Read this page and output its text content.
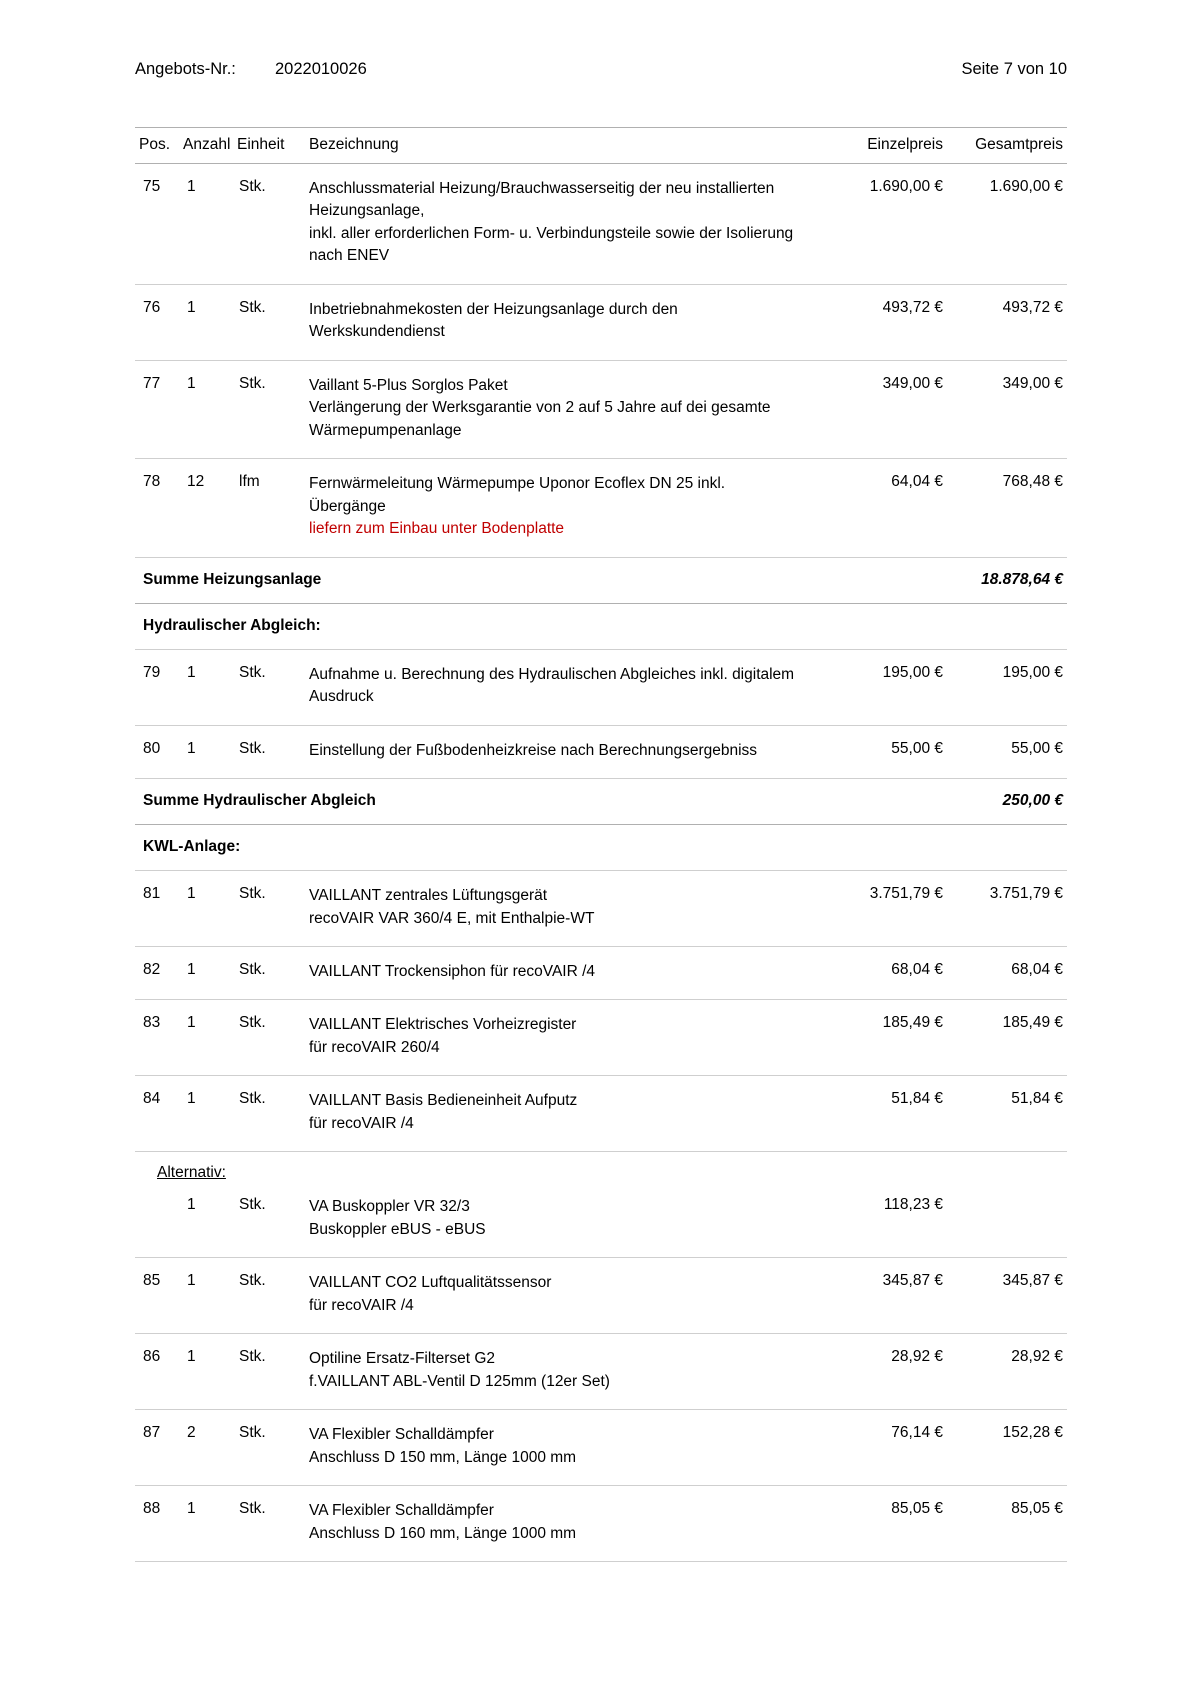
Angebots-Nr.:	2022010026	Seite 7 von 10
Pos.	Anzahl	Einheit	Bezeichnung	Einzelpreis	Gesamtpreis
75	1	Stk.	Anschlussmaterial Heizung/Brauchwasserseitig der neu installierten
Heizungsanlage,
inkl. aller erforderlichen Form- u. Verbindungsteile sowie der Isolierung
nach ENEV	1.690,00 €	1.690,00 €
76	1	Stk.	Inbetriebnahmekosten der Heizungsanlage durch den
Werkskundendienst	493,72 €	493,72 €
77	1	Stk.	Vaillant 5-Plus Sorglos Paket
Verlängerung der Werksgarantie von 2 auf 5 Jahre auf dei gesamte
Wärmepumpenanlage	349,00 €	349,00 €
78	12	lfm	Fernwärmeleitung Wärmepumpe Uponor Ecoflex DN 25 inkl.
Übergänge
liefern zum Einbau unter Bodenplatte	64,04 €	768,48 €
Summe Heizungsanlage				18.878,64 €	
Hydraulischer Abgleich:					
79	1	Stk.	Aufnahme u. Berechnung des Hydraulischen Abgleiches inkl. digitalem
Ausdruck	195,00 €	195,00 €
80	1	Stk.	Einstellung der Fußbodenheizkreise nach Berechnungsergebniss	55,00 €	55,00 €
Summe Hydraulischer Abgleich				250,00 €	
KWL-Anlage:					
81	1	Stk.	VAILLANT zentrales Lüftungsgerät
recoVAIR VAR 360/4 E, mit Enthalpie-WT	3.751,79 €	3.751,79 €
82	1	Stk.	VAILLANT Trockensiphon für recoVAIR /4	68,04 €	68,04 €
83	1	Stk.	VAILLANT Elektrisches Vorheizregister
für recoVAIR 260/4	185,49 €	185,49 €
84	1	Stk.	VAILLANT Basis Bedieneinheit Aufputz
für recoVAIR /4	51,84 €	51,84 €
Alternativ:					
	1	Stk.	VA Buskoppler VR 32/3
Buskoppler eBUS - eBUS	118,23 €	
85	1	Stk.	VAILLANT CO2 Luftqualitätssensor
für recoVAIR /4	345,87 €	345,87 €
86	1	Stk.	Optiline Ersatz-Filterset G2
f.VAILLANT ABL-Ventil D 125mm (12er Set)	28,92 €	28,92 €
87	2	Stk.	VA Flexibler Schalldämpfer
Anschluss D 150 mm, Länge 1000 mm	76,14 €	152,28 €
88	1	Stk.	VA Flexibler Schalldämpfer
Anschluss D 160 mm, Länge 1000 mm	85,05 €	85,05 €
